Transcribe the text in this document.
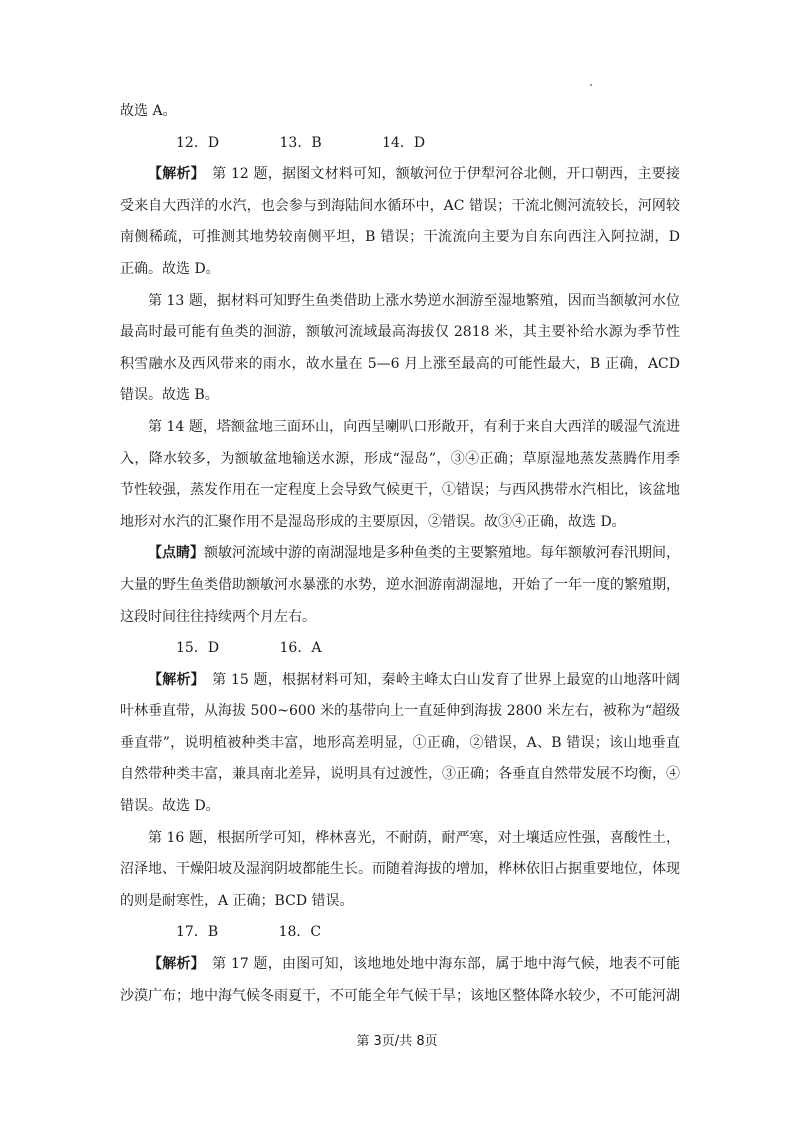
故选 A。

12．D	13．B	14．D

【解析】　第 12 题，据图文材料可知，额敏河位于伊犁河谷北侧，开口朝西，主要接受来自大西洋的水汽，也会参与到海陆间水循环中，AC 错误；干流北侧河流较长，河网较南侧稀疏，可推测其地势较南侧平坦，B 错误；干流流向主要为自东向西注入阿拉湖，D 正确。故选 D。

第 13 题，据材料可知野生鱼类借助上涨水势逆水洄游至湿地繁殖，因而当额敏河水位最高时最可能有鱼类的洄游，额敏河流域最高海拔仅 2818 米，其主要补给水源为季节性积雪融水及西风带来的雨水，故水量在 5—6 月上涨至最高的可能性最大，B 正确，ACD 错误。故选 B。

第 14 题，塔额盆地三面环山，向西呈喇叭口形敞开，有利于来自大西洋的暖湿气流进入，降水较多，为额敏盆地输送水源，形成“湿岛”，③④正确；草原湿地蒸发蒸腾作用季节性较强，蒸发作用在一定程度上会导致气候更干，①错误；与西风携带水汽相比，该盆地地形对水汽的汇聚作用不是湿岛形成的主要原因，②错误。故③④正确，故选 D。

【点睛】额敏河流域中游的南湖湿地是多种鱼类的主要繁殖地。每年额敏河春汛期间，大量的野生鱼类借助额敏河水暴涨的水势，逆水洄游南湖湿地，开始了一年一度的繁殖期，这段时间往往持续两个月左右。

15．D	16．A

【解析】　第 15 题，根据材料可知，秦岭主峰太白山发育了世界上最宽的山地落叶阔叶林垂直带，从海拔 500~600 米的基带向上一直延伸到海拔 2800 米左右，被称为“超级垂直带”，说明植被种类丰富，地形高差明显，①正确，②错误，A、B 错误；该山地垂直自然带种类丰富，兼具南北差异，说明具有过渡性，③正确；各垂直自然带发展不均衡，④错误。故选 D。

第 16 题，根据所学可知，桦林喜光，不耐荫，耐严寒，对土壤适应性强，喜酸性土，沼泽地、干燥阳坡及湿润阴坡都能生长。而随着海拔的增加，桦林依旧占据重要地位，体现的则是耐寒性，A 正确；BCD 错误。

17．B	18．C

【解析】　第 17 题，由图可知，该地地处地中海东部，属于地中海气候，地表不可能沙漠广布；地中海气候冬雨夏干，不可能全年气候干旱；该地区整体降水较少，不可能河湖

第 3页/共 8页
